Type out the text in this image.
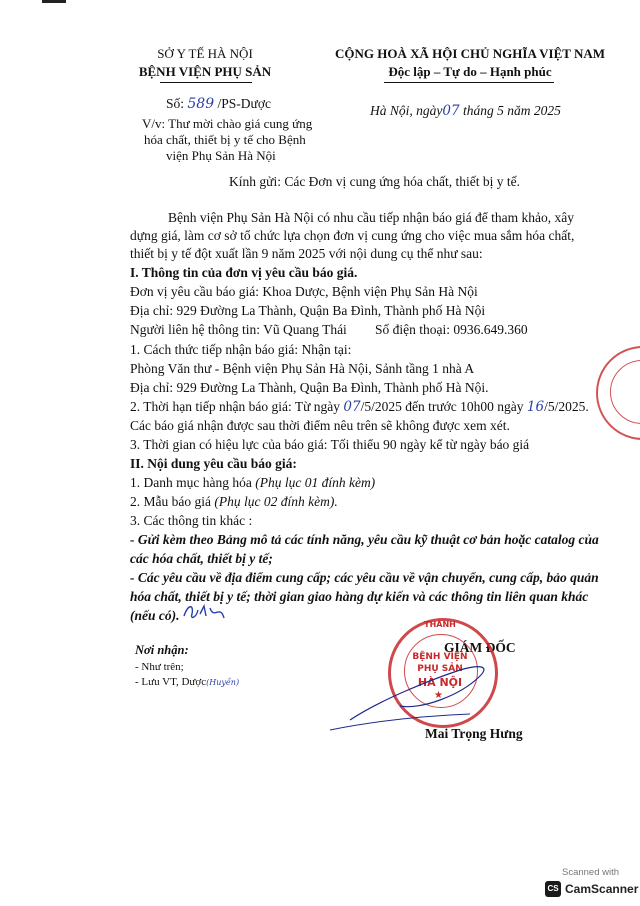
SỞ Y TẾ HÀ NỘI
BỆNH VIỆN PHỤ SẢN
Số: 589 /PS-Dược
V/v: Thư mời chào giá cung ứng
hóa chất, thiết bị y tế cho Bệnh
viện Phụ Sản Hà Nội
CỘNG HOÀ XÃ HỘI CHỦ NGHĨA VIỆT NAM
Độc lập – Tự do – Hạnh phúc
Hà Nội, ngày07 tháng 5 năm 2025
Kính gửi: Các Đơn vị cung ứng hóa chất, thiết bị y tế.
Bệnh viện Phụ Sản Hà Nội có nhu cầu tiếp nhận báo giá để tham khảo, xây
dựng giá, làm cơ sở tổ chức lựa chọn đơn vị cung ứng cho việc mua sắm hóa chất,
thiết bị y tế đột xuất lần 9 năm 2025 với nội dung cụ thể như sau:
I. Thông tin của đơn vị yêu cầu báo giá.
Đơn vị yêu cầu báo giá: Khoa Dược, Bệnh viện Phụ Sản Hà Nội
Địa chỉ: 929 Đường La Thành, Quận Ba Đình, Thành phố Hà Nội
Người liên hệ thông tin: Vũ Quang Thái Số điện thoại: 0936.649.360
1. Cách thức tiếp nhận báo giá: Nhận tại:
Phòng Văn thư - Bệnh viện Phụ Sản Hà Nội, Sảnh tầng 1 nhà A
Địa chỉ: 929 Đường La Thành, Quận Ba Đình, Thành phố Hà Nội.
2. Thời hạn tiếp nhận báo giá: Từ ngày 07/5/2025 đến trước 10h00 ngày 16/5/2025.
Các báo giá nhận được sau thời điểm nêu trên sẽ không được xem xét.
3. Thời gian có hiệu lực của báo giá: Tối thiểu 90 ngày kể từ ngày báo giá
II. Nội dung yêu cầu báo giá:
1. Danh mục hàng hóa (Phụ lục 01 đính kèm)
2. Mẫu báo giá (Phụ lục 02 đính kèm).
3. Các thông tin khác :
- Gửi kèm theo Bảng mô tả các tính năng, yêu cầu kỹ thuật cơ bản hoặc catalog của
các hóa chất, thiết bị y tế;
- Các yêu cầu về địa điểm cung cấp; các yêu cầu về vận chuyển, cung cấp, bảo quản
hóa chất, thiết bị y tế; thời gian giao hàng dự kiến và các thông tin liên quan khác
(nếu có).
Nơi nhận:
- Như trên;
- Lưu VT, Dược(Huyền)
GIÁM ĐỐC
THÀNH
BỆNH VIỆN
PHỤ SẢN
HÀ NỘI
★
Mai Trọng Hưng
Scanned with
CS CamScanner
